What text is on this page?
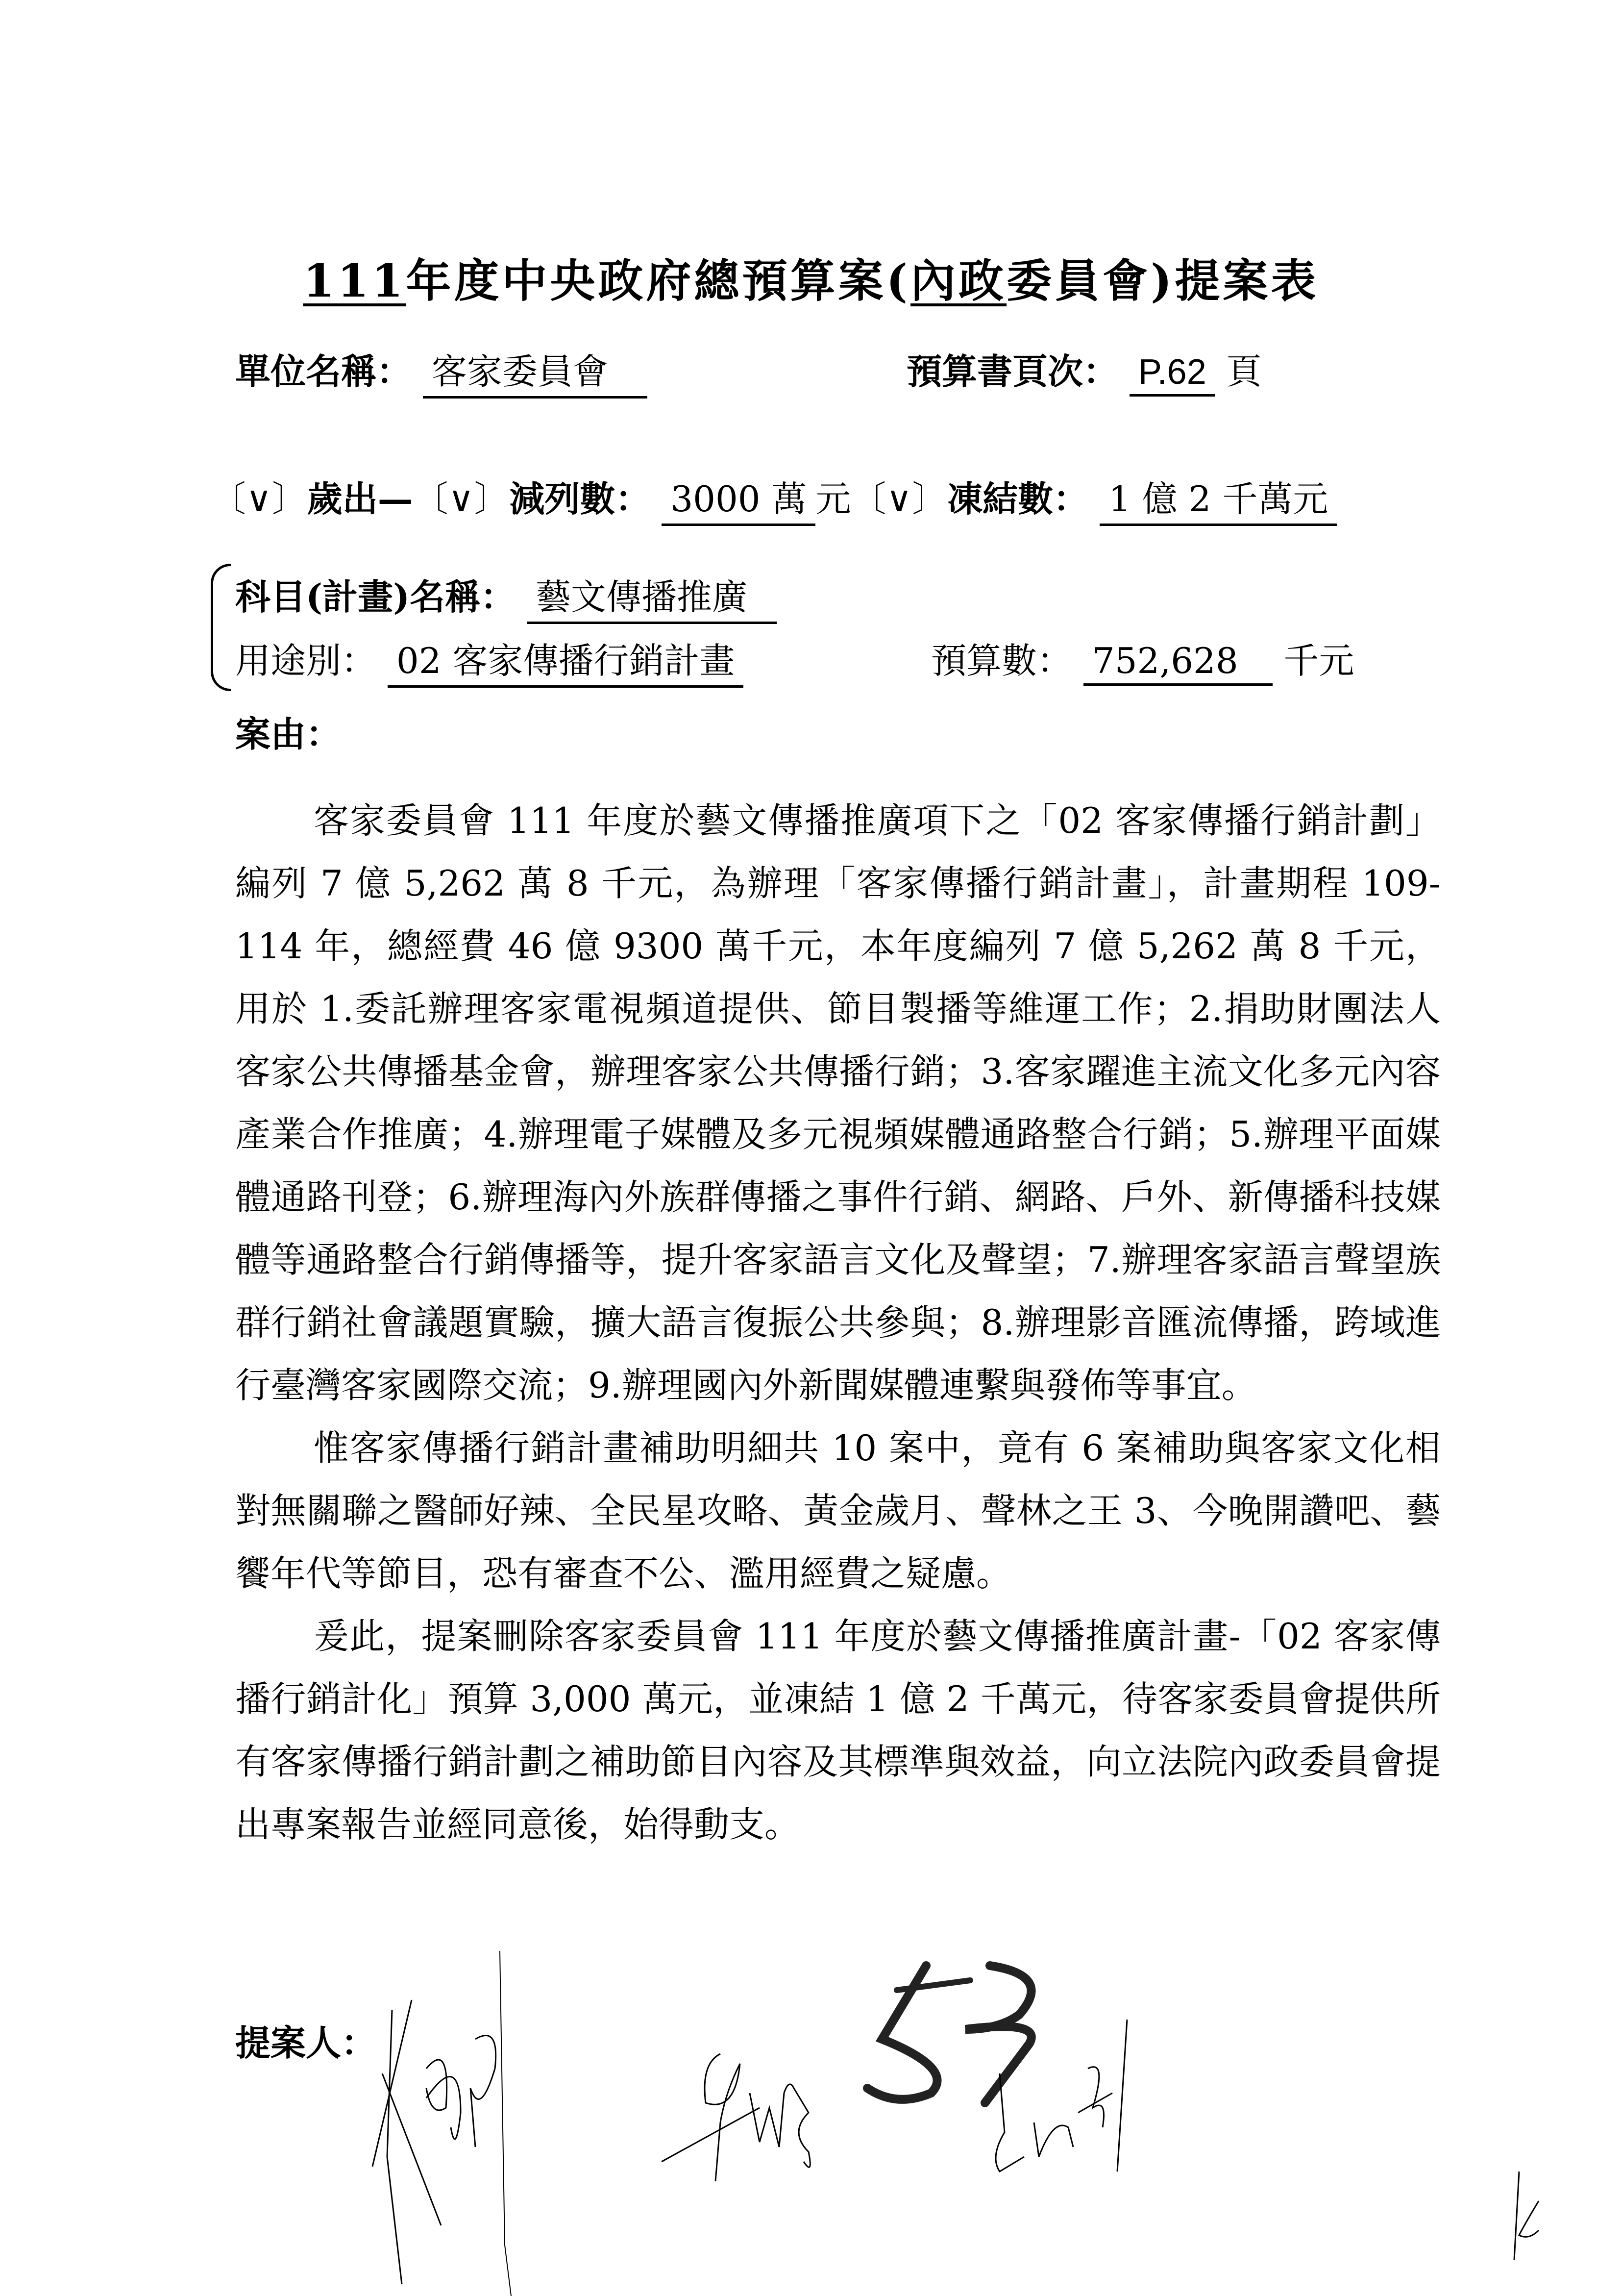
111年度中央政府總預算案(內政委員會)提案表
單位名稱： 客家委員會	預算書頁次： P.62 頁
〔∨〕歲出—〔∨〕減列數： 3000 萬 元〔∨〕凍結數： 1 億 2 千萬元
科目(計畫)名稱： 藝文傳播推廣
用途別： 02 客家傳播行銷計畫	預算數： 752,628 千元
案由：

客家委員會 111 年度於藝文傳播推廣項下之「02 客家傳播行銷計劃」編列 7 億 5,262 萬 8 千元，為辦理「客家傳播行銷計畫」，計畫期程 109-114 年，總經費 46 億 9300 萬千元，本年度編列 7 億 5,262 萬 8 千元，用於 1.委託辦理客家電視頻道提供、節目製播等維運工作；2.捐助財團法人客家公共傳播基金會，辦理客家公共傳播行銷；3.客家躍進主流文化多元內容產業合作推廣；4.辦理電子媒體及多元視頻媒體通路整合行銷；5.辦理平面媒體通路刊登；6.辦理海內外族群傳播之事件行銷、網路、戶外、新傳播科技媒體等通路整合行銷傳播等，提升客家語言文化及聲望；7.辦理客家語言聲望族群行銷社會議題實驗，擴大語言復振公共參與；8.辦理影音匯流傳播，跨域進行臺灣客家國際交流；9.辦理國內外新聞媒體連繫與發佈等事宜。

惟客家傳播行銷計畫補助明細共 10 案中，竟有 6 案補助與客家文化相對無關聯之醫師好辣、全民星攻略、黃金歲月、聲林之王 3、今晚開讚吧、藝饗年代等節目，恐有審查不公、濫用經費之疑慮。

爰此，提案刪除客家委員會 111 年度於藝文傳播推廣計畫-「02 客家傳播行銷計化」預算 3,000 萬元，並凍結 1 億 2 千萬元，待客家委員會提供所有客家傳播行銷計劃之補助節目內容及其標準與效益，向立法院內政委員會提出專案報告並經同意後，始得動支。

提案人：
